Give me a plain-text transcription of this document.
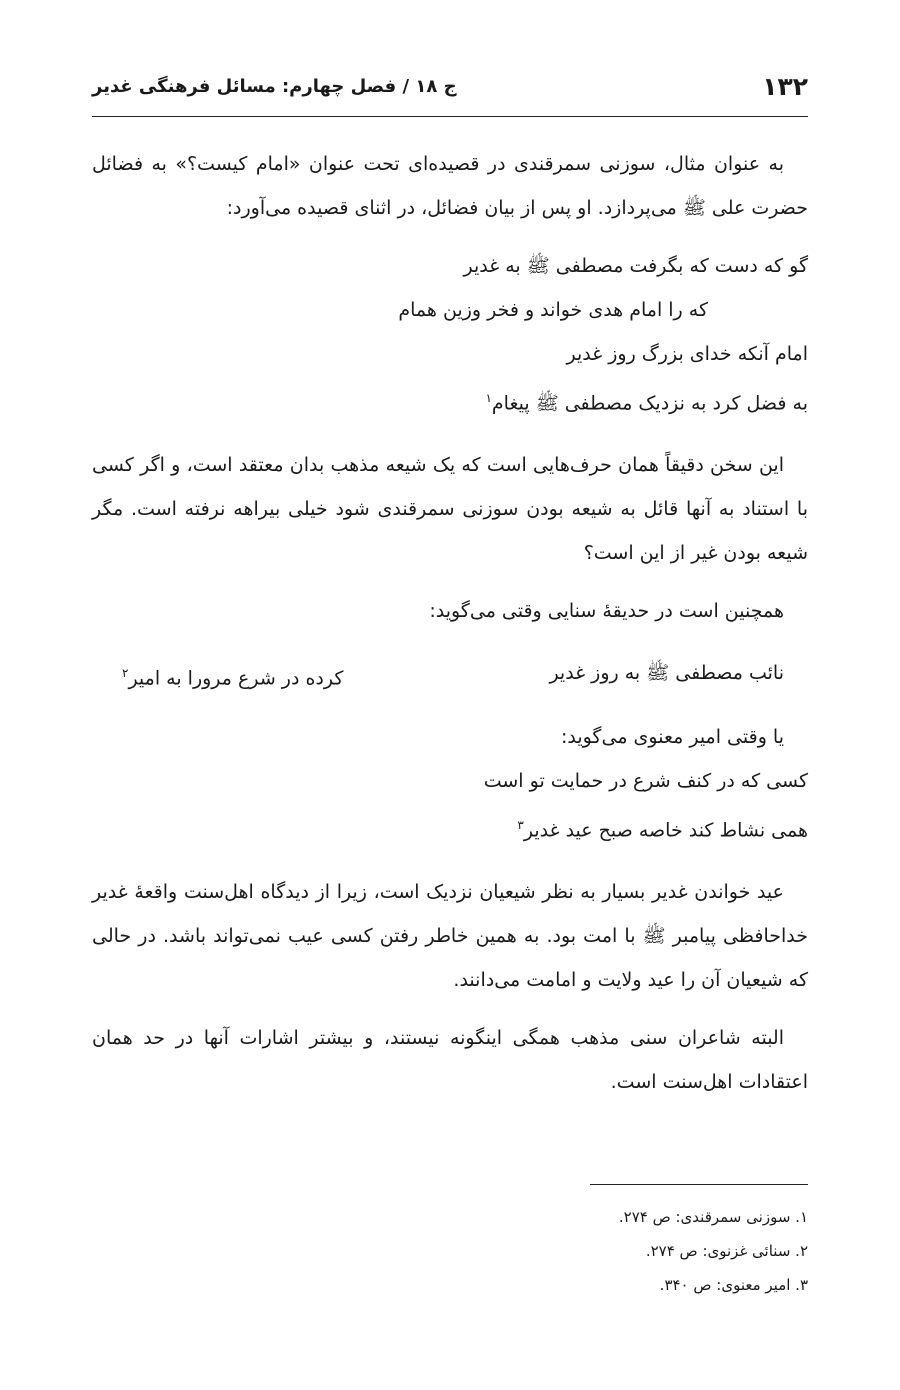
۱۳۲
ج ۱۸ / فصل چهارم: مسائل فرهنگی غدیر

به عنوان مثال، سوزنی سمرقندی در قصیده‌ای تحت عنوان «امام کیست؟» به فضائل حضرت علی ﷺ می‌پردازد. او پس از بیان فضائل، در اثنای قصیده می‌آورد:

گو که دست که بگرفت مصطفی ﷺ به غدیر

که را امام هدی خواند و فخر وزین همام

امام آنکه خدای بزرگ روز غدیر

به فضل کرد به نزدیک مصطفی ﷺ پیغام$^۱$

این سخن دقیقاً همان حرف‌هایی است که یک شیعه مذهب بدان معتقد است، و اگر کسی با استناد به آنها قائل به شیعه بودن سوزنی سمرقندی شود خیلی بیراهه نرفته است. مگر شیعه بودن غیر از این است؟

همچنین است در حدیقهٔ سنایی وقتی می‌گوید:

نائب مصطفی ﷺ به روز غدیر
کرده در شرع مرورا به امیر$^۲$

یا وقتی امیر معنوی می‌گوید:

کسی که در کنف شرع در حمایت تو است

همی نشاط کند خاصه صبح عید غدیر$^۳$

عید خواندن غدیر بسیار به نظر شیعیان نزدیک است، زیرا از دیدگاه اهل‌سنت واقعهٔ غدیر خداحافظی پیامبر ﷺ با امت بود. به همین خاطر رفتن کسی عیب نمی‌تواند باشد. در حالی که شیعیان آن را عید ولایت و امامت می‌دانند.

البته شاعران سنی مذهب همگی اینگونه نیستند، و بیشتر اشارات آنها در حد همان اعتقادات اهل‌سنت است.

۱. سوزنی سمرقندی: ص ۲۷۴.
۲. سنائی غزنوی: ص ۲۷۴.
۳. امیر معنوی: ص ۳۴۰.
